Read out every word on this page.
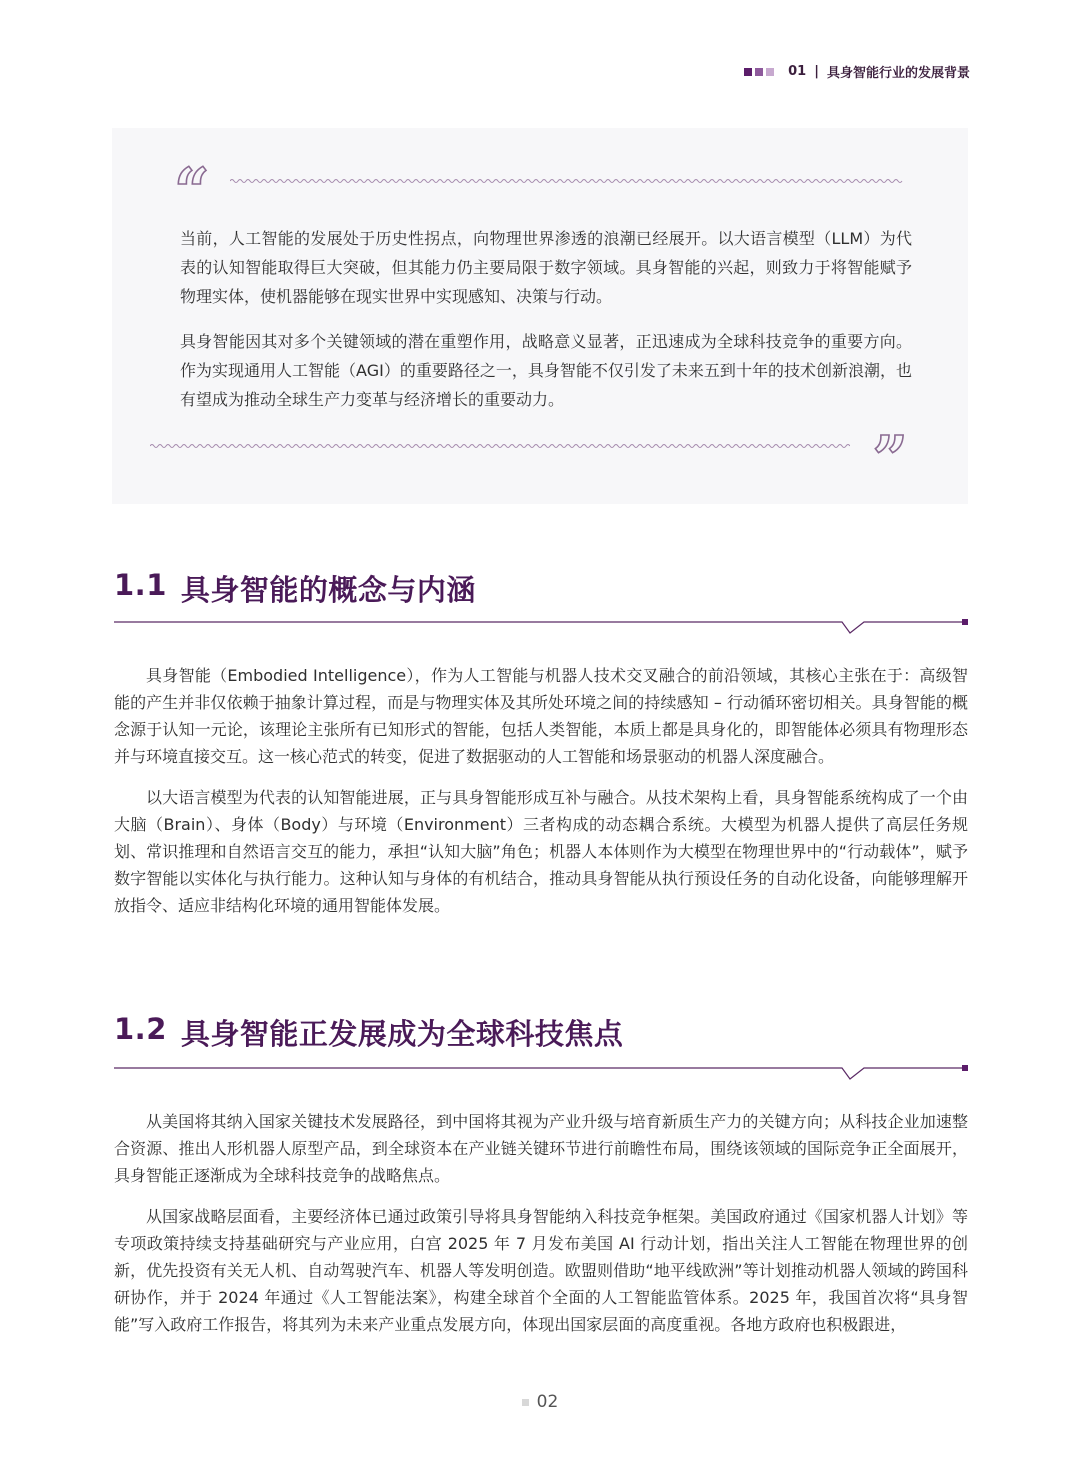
01 | 具身智能行业的发展背景
“

当前，人工智能的发展处于历史性拐点，向物理世界渗透的浪潮已经展开。以大语言模型（LLM）为代表的认知智能取得巨大突破，但其能力仍主要局限于数字领域。具身智能的兴起，则致力于将智能赋予物理实体，使机器能够在现实世界中实现感知、决策与行动。

具身智能因其对多个关键领域的潜在重塑作用，战略意义显著，正迅速成为全球科技竞争的重要方向。作为实现通用人工智能（AGI）的重要路径之一，具身智能不仅引发了未来五到十年的技术创新浪潮，也有望成为推动全球生产力变革与经济增长的重要动力。

”
1.1 具身智能的概念与内涵

具身智能（Embodied Intelligence），作为人工智能与机器人技术交叉融合的前沿领域，其核心主张在于：高级智能的产生并非仅依赖于抽象计算过程，而是与物理实体及其所处环境之间的持续感知 – 行动循环密切相关。具身智能的概念源于认知一元论，该理论主张所有已知形式的智能，包括人类智能，本质上都是具身化的，即智能体必须具有物理形态并与环境直接交互。这一核心范式的转变，促进了数据驱动的人工智能和场景驱动的机器人深度融合。

以大语言模型为代表的认知智能进展，正与具身智能形成互补与融合。从技术架构上看，具身智能系统构成了一个由大脑（Brain）、身体（Body）与环境（Environment）三者构成的动态耦合系统。大模型为机器人提供了高层任务规划、常识推理和自然语言交互的能力，承担“认知大脑”角色；机器人本体则作为大模型在物理世界中的“行动载体”，赋予数字智能以实体化与执行能力。这种认知与身体的有机结合，推动具身智能从执行预设任务的自动化设备，向能够理解开放指令、适应非结构化环境的通用智能体发展。

1.2 具身智能正发展成为全球科技焦点

从美国将其纳入国家关键技术发展路径，到中国将其视为产业升级与培育新质生产力的关键方向；从科技企业加速整合资源、推出人形机器人原型产品，到全球资本在产业链关键环节进行前瞻性布局，围绕该领域的国际竞争正全面展开，具身智能正逐渐成为全球科技竞争的战略焦点。

从国家战略层面看，主要经济体已通过政策引导将具身智能纳入科技竞争框架。美国政府通过《国家机器人计划》等专项政策持续支持基础研究与产业应用，白宫 2025 年 7 月发布美国 AI 行动计划，指出关注人工智能在物理世界的创新，优先投资有关无人机、自动驾驶汽车、机器人等发明创造。欧盟则借助“地平线欧洲”等计划推动机器人领域的跨国科研协作，并于 2024 年通过《人工智能法案》，构建全球首个全面的人工智能监管体系。2025 年，我国首次将“具身智能”写入政府工作报告，将其列为未来产业重点发展方向，体现出国家层面的高度重视。各地方政府也积极跟进，

02
